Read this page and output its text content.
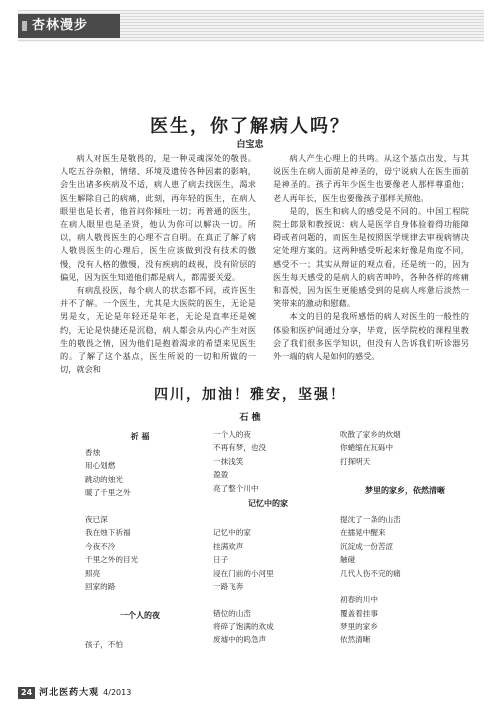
杏林漫步
医生，你了解病人吗？
白宝忠

病人对医生是敬畏的，是一种灵魂深处的敬畏。人吃五谷杂粮，情绪、环境及遗传各种因素的影响，会生出诸多疾病及不适，病人患了病去找医生，渴求医生解除自己的病痛，此刻，再年轻的医生，在病人眼里也是长者，他首问你倾吐一切；再普通的医生，在病人眼里也是圣贤，他认为你可以解决一切。所以，病人敬畏医生的心理不言自明。在真正了解了病人敬畏医生的心理后，医生应该做到没有技术的傲慢，没有人格的傲慢，没有疾病的歧视，没有阶层的偏见，因为医生知道他们都是病人，都需要关爱。

有病乱投医，每个病人的状态都不同，或许医生并不了解。一个医生，尤其是大医院的医生，无论是男是女，无论是年轻还是年老，无论是直率还是婉约，无论是快捷还是沉稳，病人都会从内心产生对医生的敬畏之情，因为他们是抱着渴求的希望来见医生的。了解了这个基点，医生所说的一切和所做的一切，就会和

病人产生心理上的共鸣。从这个基点出发，与其说医生在病人面前是神圣的，毋宁说病人在医生面前是神圣的。孩子再年少医生也要像老人那样尊重他；老人再年长，医生也要像孩子那样关照他。

是的，医生和病人的感受是不同的。中国工程院院士郎景和教授说：病人是医学自身体验着得功能障碍或者问题的，而医生是按照医学规律去审视病情决定处理方案的。这两种感受听起来好像是角度不同，感受不一；其实从辩证的观点看，还是统一的，因为医生每天感受的是病人的病苦呻吟，各种各样的疼痛和喜悦，因为医生更能感受到的是病人疼惫后淡然一笑带来的激动和慰藉。

本文的目的是我所感悟的病人对医生的一般性的体验和医护间通过分享，毕竟，医学院校的课程里教会了我们很多医学知识，但没有人告诉我们听诊器另外一端的病人是如何的感受。

四川，加油！雅安，坚强！
石 樵
祈 福
香烛
用心划燃
跳动的烛光
暖了千里之外
夜已深
我在烛下祈福
今夜不冷
千里之外的目光
照亮
回家的路
一个人的夜
孩子，不怕
一个人的夜
不再有梦，也没
一抹浅笑
盈盈
亮了整个川中
记忆中的家
记忆中的家
挂满欢声
日子
浸在门前的小河里
一路飞奔
错位的山峦
将碎了饱满的欢成
废墟中的呜急声
吹散了家乡的炊烟
你蜷缩在瓦砾中
打探明天
梦里的家乡，依然清晰
提沈了一条的山峦
在擂晃中醒来
沉淀成一份苦涩
触碰
几代人伤不完的痛
初春的川中
覆盖着挂事
梦里的家乡
依然清晰
24 河北医药大观 4/2013
